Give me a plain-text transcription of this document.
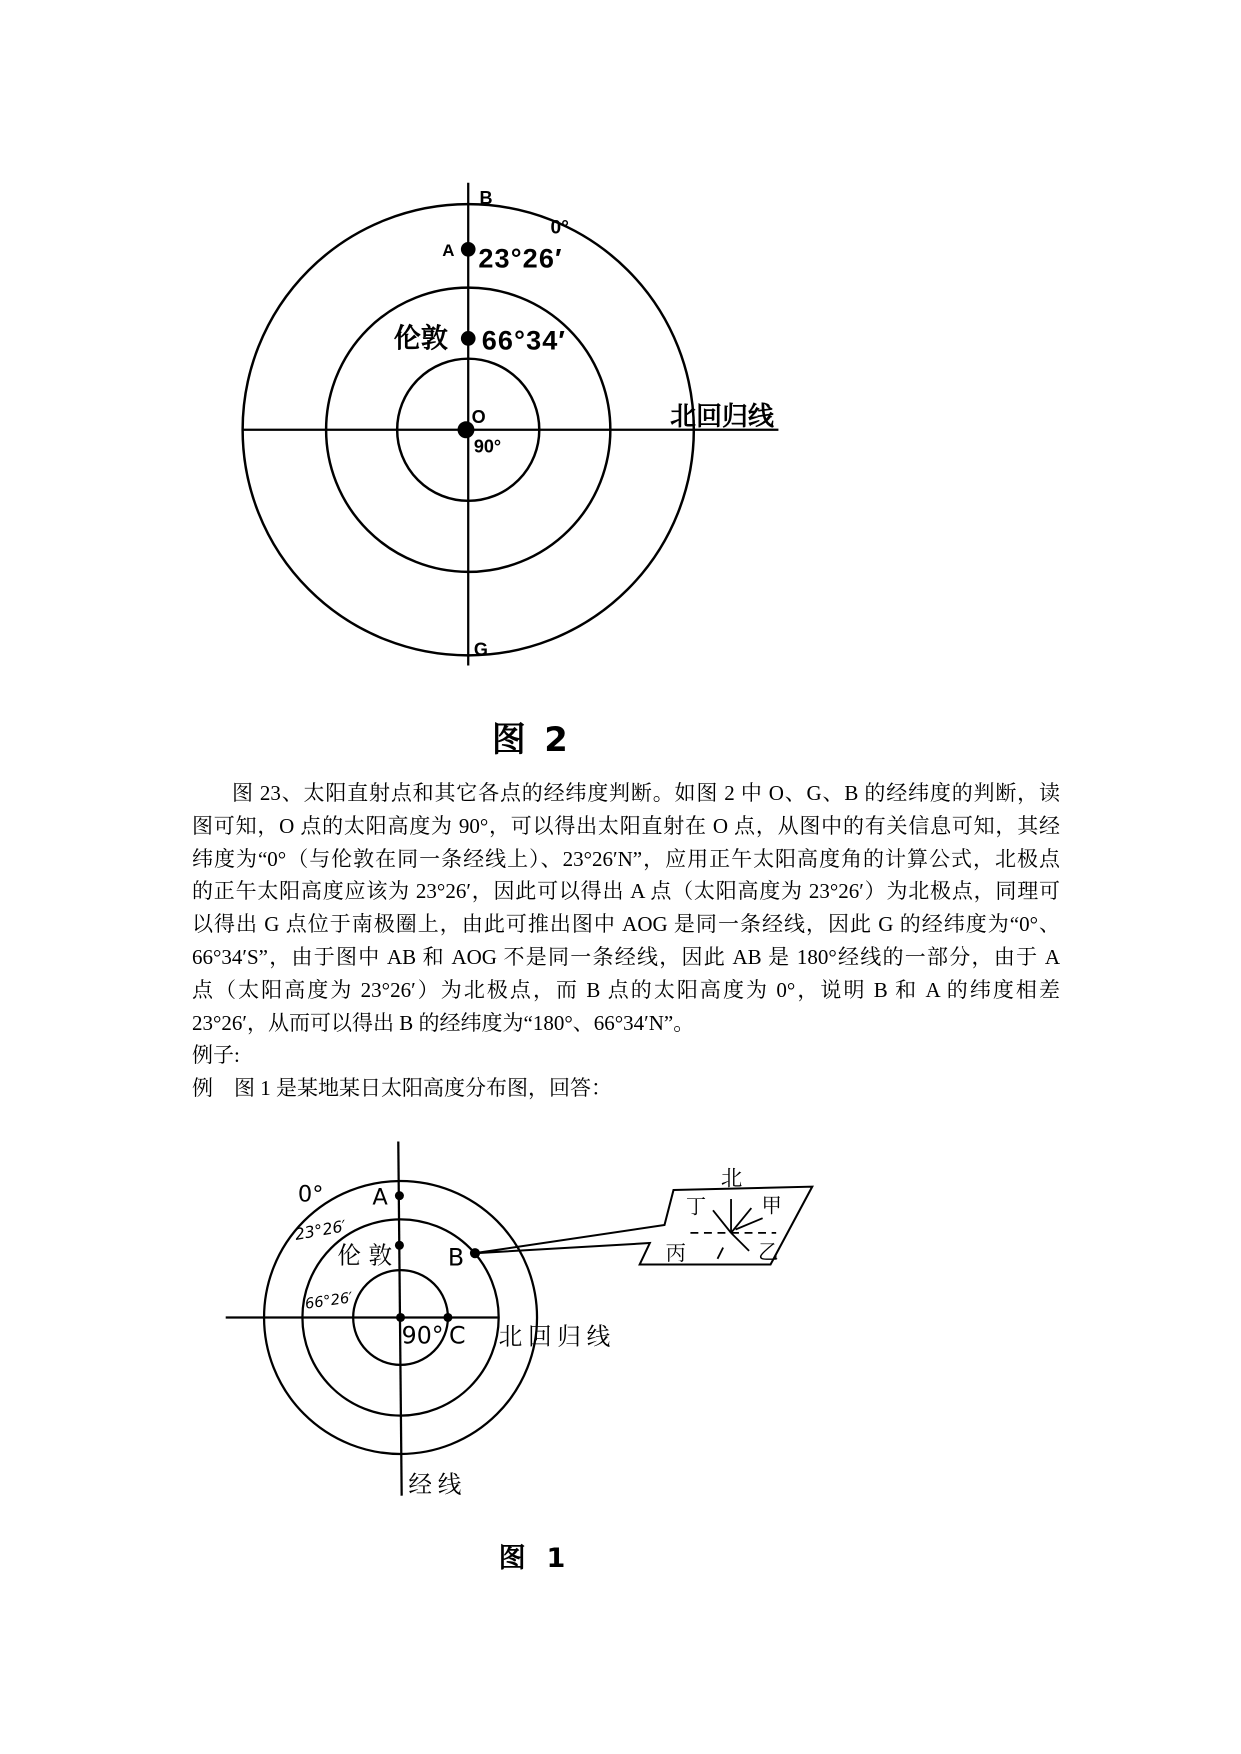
B
0°
A 23°26′
伦敦 66°34′
O
90°
北回归线
G
图 2
北
丁	甲
丙	乙
0° A
23°26′
伦 敦	B
66°26′
90° C 北回归线
经线
图 1
图 23、太阳直射点和其它各点的经纬度判断。如图 2 中 O、G、B 的经纬度的判断，读
图可知，O 点的太阳高度为 90°，可以得出太阳直射在 O 点，从图中的有关信息可知，其经
纬度为“0°（与伦敦在同一条经线上）、23°26′N”，应用正午太阳高度角的计算公式，北极点
的正午太阳高度应该为 23°26′，因此可以得出 A 点（太阳高度为 23°26′）为北极点，同理可
以得出 G 点位于南极圈上，由此可推出图中 AOG 是同一条经线，因此 G 的经纬度为“0°、
66°34′S”，由于图中 AB 和 AOG 不是同一条经线，因此 AB 是 180°经线的一部分，由于 A
点（太阳高度为 23°26′）为北极点，而 B 点的太阳高度为 0°，说明 B 和 A 的纬度相差
23°26′，从而可以得出 B 的经纬度为“180°、66°34′N”。
例子:
例　图 1 是某地某日太阳高度分布图，回答：
